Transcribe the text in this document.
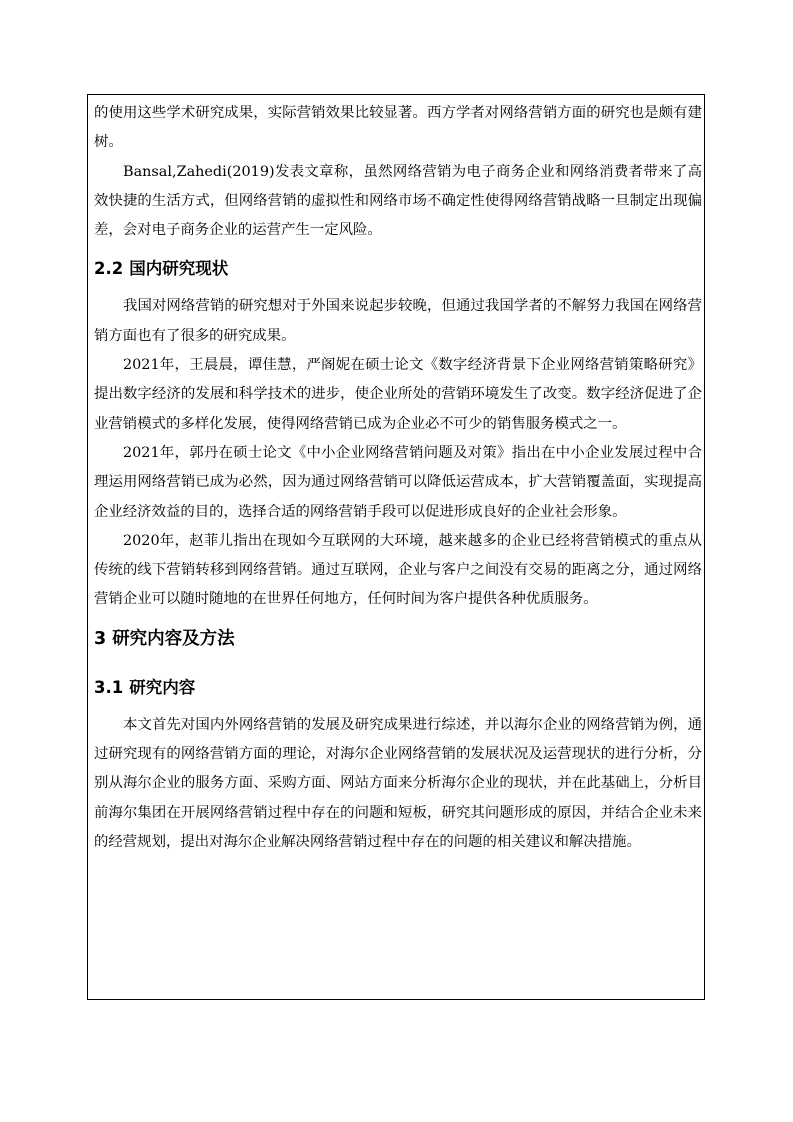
的使用这些学术研究成果，实际营销效果比较显著。西方学者对网络营销方面的研究也是颇有建树。

Bansal,Zahedi(2019)发表文章称，虽然网络营销为电子商务企业和网络消费者带来了高效快捷的生活方式，但网络营销的虚拟性和网络市场不确定性使得网络营销战略一旦制定出现偏差，会对电子商务企业的运营产生一定风险。

2.2 国内研究现状

我国对网络营销的研究想对于外国来说起步较晚，但通过我国学者的不解努力我国在网络营销方面也有了很多的研究成果。

2021年，王晨晨，谭佳慧，严阁妮在硕士论文《数字经济背景下企业网络营销策略研究》提出数字经济的发展和科学技术的进步，使企业所处的营销环境发生了改变。数字经济促进了企业营销模式的多样化发展，使得网络营销已成为企业必不可少的销售服务模式之一。

2021年，郭丹在硕士论文《中小企业网络营销问题及对策》指出在中小企业发展过程中合理运用网络营销已成为必然，因为通过网络营销可以降低运营成本，扩大营销覆盖面，实现提高企业经济效益的目的，选择合适的网络营销手段可以促进形成良好的企业社会形象。

2020年，赵菲儿指出在现如今互联网的大环境，越来越多的企业已经将营销模式的重点从传统的线下营销转移到网络营销。通过互联网，企业与客户之间没有交易的距离之分，通过网络营销企业可以随时随地的在世界任何地方，任何时间为客户提供各种优质服务。

3 研究内容及方法
3.1 研究内容

本文首先对国内外网络营销的发展及研究成果进行综述，并以海尔企业的网络营销为例，通过研究现有的网络营销方面的理论，对海尔企业网络营销的发展状况及运营现状的进行分析，分别从海尔企业的服务方面、采购方面、网站方面来分析海尔企业的现状，并在此基础上，分析目前海尔集团在开展网络营销过程中存在的问题和短板，研究其问题形成的原因，并结合企业未来的经营规划，提出对海尔企业解决网络营销过程中存在的问题的相关建议和解决措施。
